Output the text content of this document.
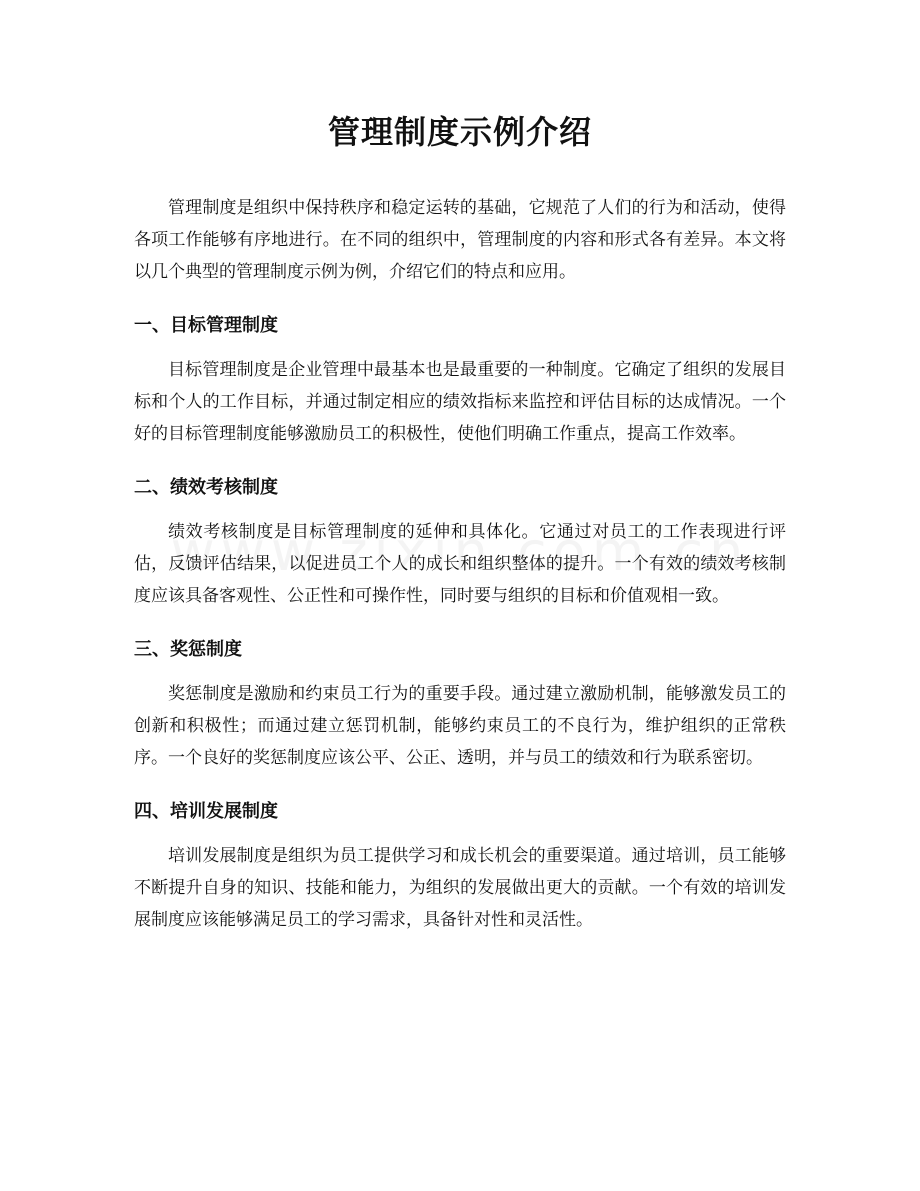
管理制度示例介绍

管理制度是组织中保持秩序和稳定运转的基础，它规范了人们的行为和活动，使得各项工作能够有序地进行。在不同的组织中，管理制度的内容和形式各有差异。本文将以几个典型的管理制度示例为例，介绍它们的特点和应用。

一、目标管理制度

目标管理制度是企业管理中最基本也是最重要的一种制度。它确定了组织的发展目标和个人的工作目标，并通过制定相应的绩效指标来监控和评估目标的达成情况。一个好的目标管理制度能够激励员工的积极性，使他们明确工作重点，提高工作效率。

二、绩效考核制度

绩效考核制度是目标管理制度的延伸和具体化。它通过对员工的工作表现进行评估，反馈评估结果，以促进员工个人的成长和组织整体的提升。一个有效的绩效考核制度应该具备客观性、公正性和可操作性，同时要与组织的目标和价值观相一致。

三、奖惩制度

奖惩制度是激励和约束员工行为的重要手段。通过建立激励机制，能够激发员工的创新和积极性；而通过建立惩罚机制，能够约束员工的不良行为，维护组织的正常秩序。一个良好的奖惩制度应该公平、公正、透明，并与员工的绩效和行为联系密切。

四、培训发展制度

培训发展制度是组织为员工提供学习和成长机会的重要渠道。通过培训，员工能够不断提升自身的知识、技能和能力，为组织的发展做出更大的贡献。一个有效的培训发展制度应该能够满足员工的学习需求，具备针对性和灵活性。
